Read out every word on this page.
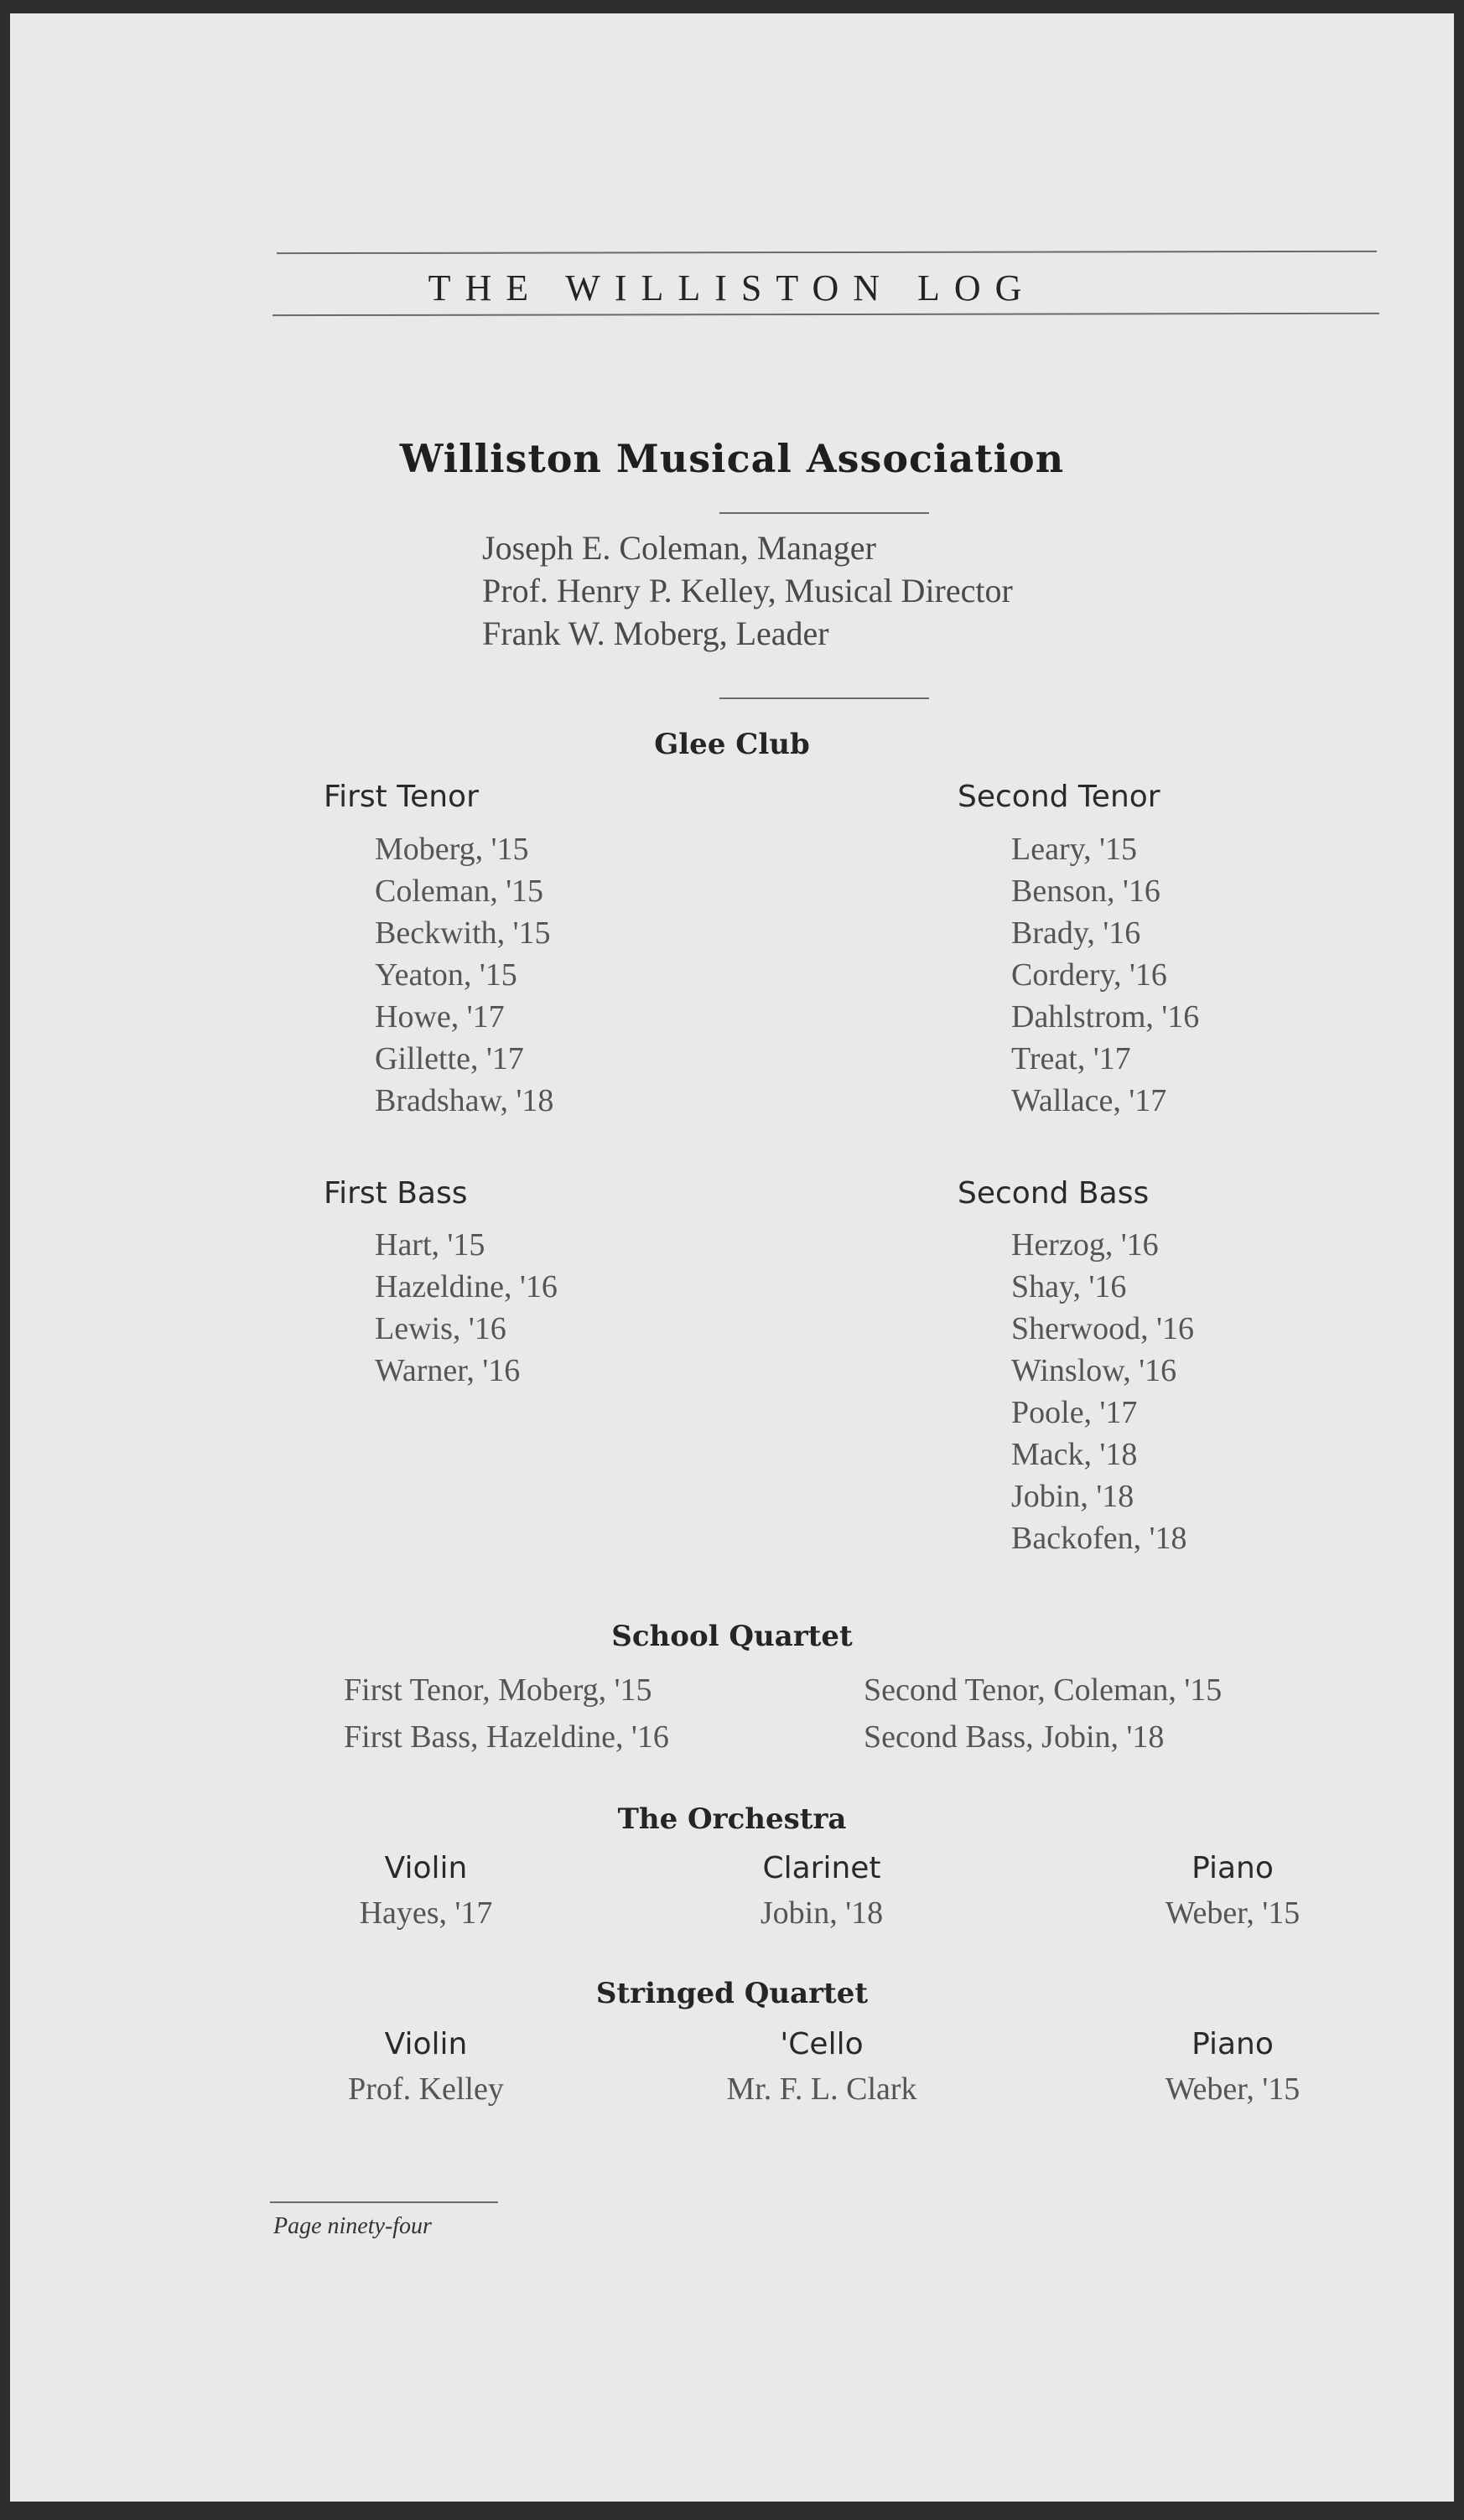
THE WILLISTON LOG
Williston Musical Association
Joseph E. Coleman, Manager
Prof. Henry P. Kelley, Musical Director
Frank W. Moberg, Leader
Glee Club
First Tenor
Moberg, '15
Coleman, '15
Beckwith, '15
Yeaton, '15
Howe, '17
Gillette, '17
Bradshaw, '18
Second Tenor
Leary, '15
Benson, '16
Brady, '16
Cordery, '16
Dahlstrom, '16
Treat, '17
Wallace, '17
First Bass
Hart, '15
Hazeldine, '16
Lewis, '16
Warner, '16
Second Bass
Herzog, '16
Shay, '16
Sherwood, '16
Winslow, '16
Poole, '17
Mack, '18
Jobin, '18
Backofen, '18
School Quartet
First Tenor, Moberg, '15	Second Tenor, Coleman, '15
First Bass, Hazeldine, '16	Second Bass, Jobin, '18
The Orchestra
Violin
Hayes, '17
Clarinet
Jobin, '18
Piano
Weber, '15
Stringed Quartet
Violin
Prof. Kelley
'Cello
Mr. F. L. Clark
Piano
Weber, '15
Page ninety-four
